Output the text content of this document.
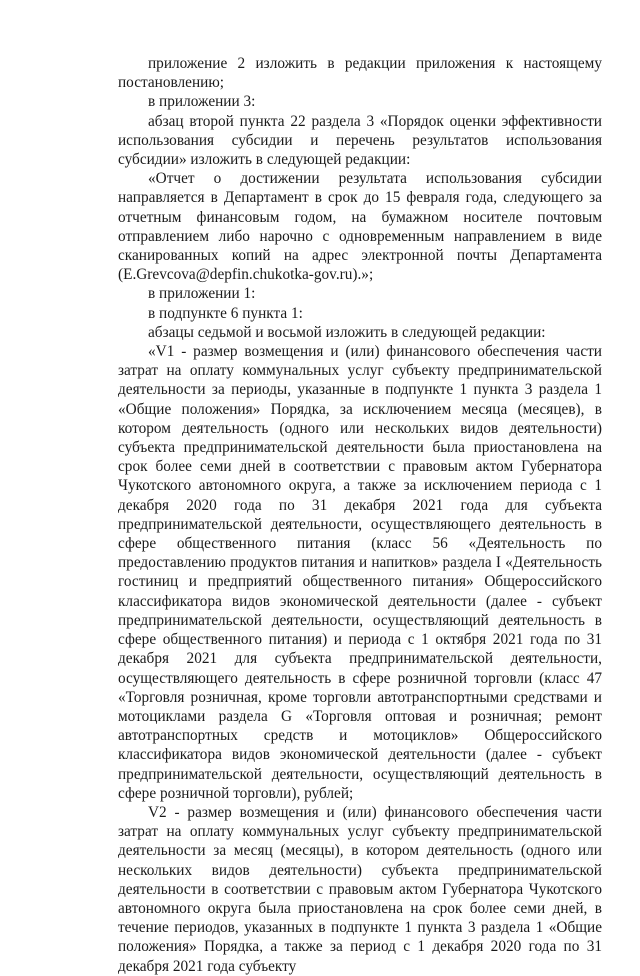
приложение 2 изложить в редакции приложения к настоящему постановлению;

в приложении 3:

абзац второй пункта 22 раздела 3 «Порядок оценки эффективности использования субсидии и перечень результатов использования субсидии» изложить в следующей редакции:

«Отчет о достижении результата использования субсидии направляется в Департамент в срок до 15 февраля года, следующего за отчетным финансовым годом, на бумажном носителе почтовым отправлением либо нарочно с одновременным направлением в виде сканированных копий на адрес электронной почты Департамента (E.Grevcova@depfin.chukotka-gov.ru).»;

в приложении 1:

в подпункте 6 пункта 1:

абзацы седьмой и восьмой изложить в следующей редакции:

«V1 - размер возмещения и (или) финансового обеспечения части затрат на оплату коммунальных услуг субъекту предпринимательской деятельности за периоды, указанные в подпункте 1 пункта 3 раздела 1 «Общие положения» Порядка, за исключением месяца (месяцев), в котором деятельность (одного или нескольких видов деятельности) субъекта предпринимательской деятельности была приостановлена на срок более семи дней в соответствии с правовым актом Губернатора Чукотского автономного округа, а также за исключением периода с 1 декабря 2020 года по 31 декабря 2021 года для субъекта предпринимательской деятельности, осуществляющего деятельность в сфере общественного питания (класс 56 «Деятельность по предоставлению продуктов питания и напитков» раздела I «Деятельность гостиниц и предприятий общественного питания» Общероссийского классификатора видов экономической деятельности (далее - субъект предпринимательской деятельности, осуществляющий деятельность в сфере общественного питания) и периода с 1 октября 2021 года по 31 декабря 2021 для субъекта предпринимательской деятельности, осуществляющего деятельность в сфере розничной торговли (класс 47 «Торговля розничная, кроме торговли автотранспортными средствами и мотоциклами раздела G «Торговля оптовая и розничная; ремонт автотранспортных средств и мотоциклов» Общероссийского классификатора видов экономической деятельности (далее - субъект предпринимательской деятельности, осуществляющий деятельность в сфере розничной торговли), рублей;

V2 - размер возмещения и (или) финансового обеспечения части затрат на оплату коммунальных услуг субъекту предпринимательской деятельности за месяц (месяцы), в котором деятельность (одного или нескольких видов деятельности) субъекта предпринимательской деятельности в соответствии с правовым актом Губернатора Чукотского автономного округа была приостановлена на срок более семи дней, в течение периодов, указанных в подпункте 1 пункта 3 раздела 1 «Общие положения» Порядка, а также за период с 1 декабря 2020 года по 31 декабря 2021 года субъекту
